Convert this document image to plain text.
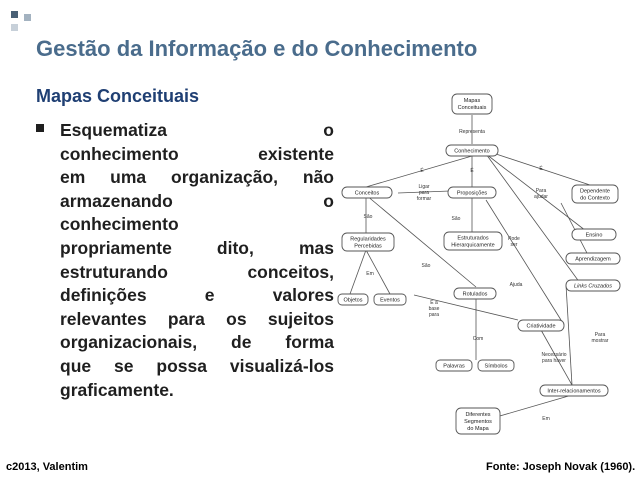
Gestão da Informação e do Conhecimento
Mapas Conceituais
Esquematiza o
conhecimento existente
em uma organização, não
armazenando o
conhecimento
propriamente dito, mas
estruturando conceitos,
definições e valores
relevantes para os sujeitos
organizacionais, de forma
que se possa visualizá-los
graficamente.
Representa
É	É	É
Ligar
para
formar
São	São
São
Em
Para
ajudar
Pode
ser
Ajuda
É a
base
para
Com
Necessário
para haver
Para
mostrar
Em
Mapas
Conceituais
Conhecimento
Conceitos	Proposições	Dependente
do Contexto
Regularidades
Percebidas
Estruturados
Hierarquicamente
Ensino
Aprendizagem
Objetos	Eventos
Rotulados
Links Cruzados
Criatividade
Palavras	Símbolos
Inter-relacionamentos
Diferentes
Segmentos
do Mapa
c2013, Valentim	Fonte: Joseph Novak (1960).
